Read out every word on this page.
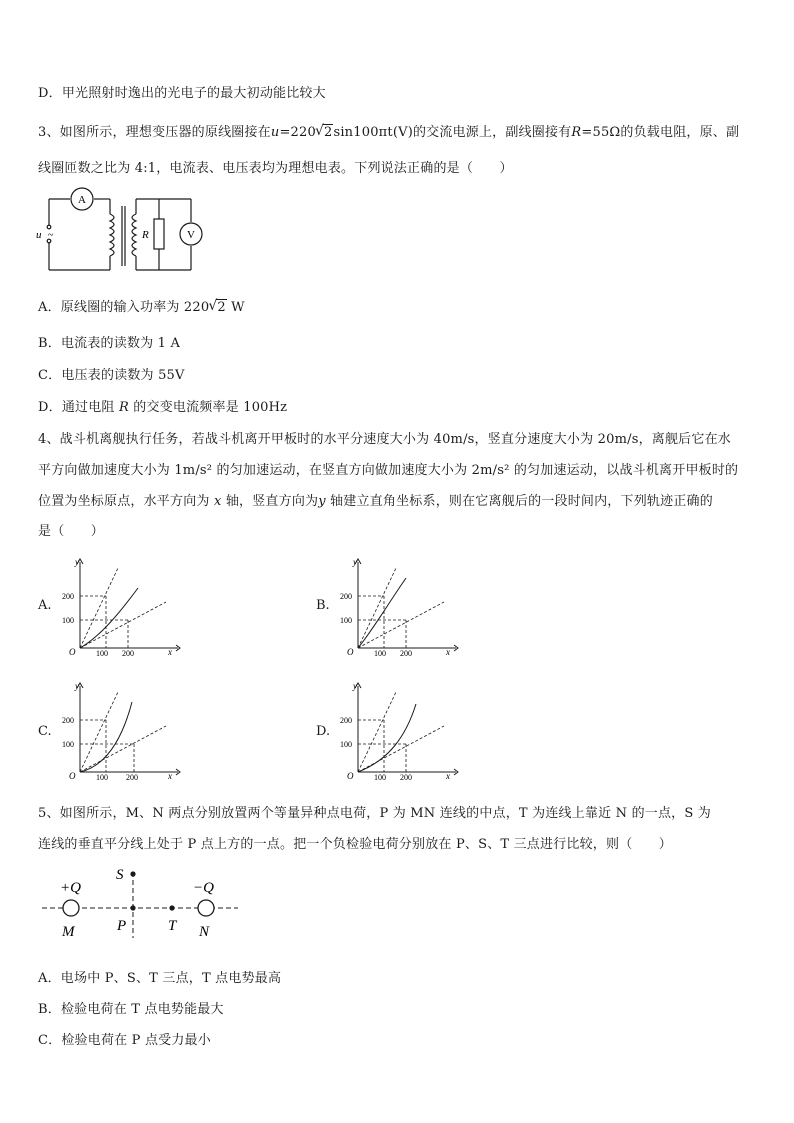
D．甲光照射时逸出的光电子的最大初动能比较大
3、如图所示，理想变压器的原线圈接在u=220 √ 2sin100πt(V)的交流电源上，副线圈接有R=55Ω的负载电阻，原、副
线圈匝数之比为 4:1，电流表、电压表均为理想电表。下列说法正确的是（　　）
A
V
u ~	R
A．原线圈的输入功率为 220 √ 2 W
B．电流表的读数为 1 A
C．电压表的读数为 55V
D．通过电阻 R 的交变电流频率是 100Hz
4、战斗机离舰执行任务，若战斗机离开甲板时的水平分速度大小为 40m/s，竖直分速度大小为 20m/s，离舰后它在水
平方向做加速度大小为 1m/s² 的匀加速运动，在竖直方向做加速度大小为 2m/s² 的匀加速运动，以战斗机离开甲板时的
位置为坐标原点，水平方向为 x 轴，竖直方向为y 轴建立直角坐标系，则在它离舰后的一段时间内，下列轨迹正确的
是（　　）
A.	B.
C.	D.
y
x
O
200
100
100 200
y
x
O
200
100
100 200
y
x
O
200
100
100 200
y
x
O
200
100
100 200
5、如图所示，M、N 两点分别放置两个等量异种点电荷，P 为 MN 连线的中点，T 为连线上靠近 N 的一点，S 为
连线的垂直平分线上处于 P 点上方的一点。把一个负检验电荷分别放在 P、S、T 三点进行比较，则（　　）
+Q	−Q
M	N
P
S
T
A．电场中 P、S、T 三点，T 点电势最高
B．检验电荷在 T 点电势能最大
C．检验电荷在 P 点受力最小
